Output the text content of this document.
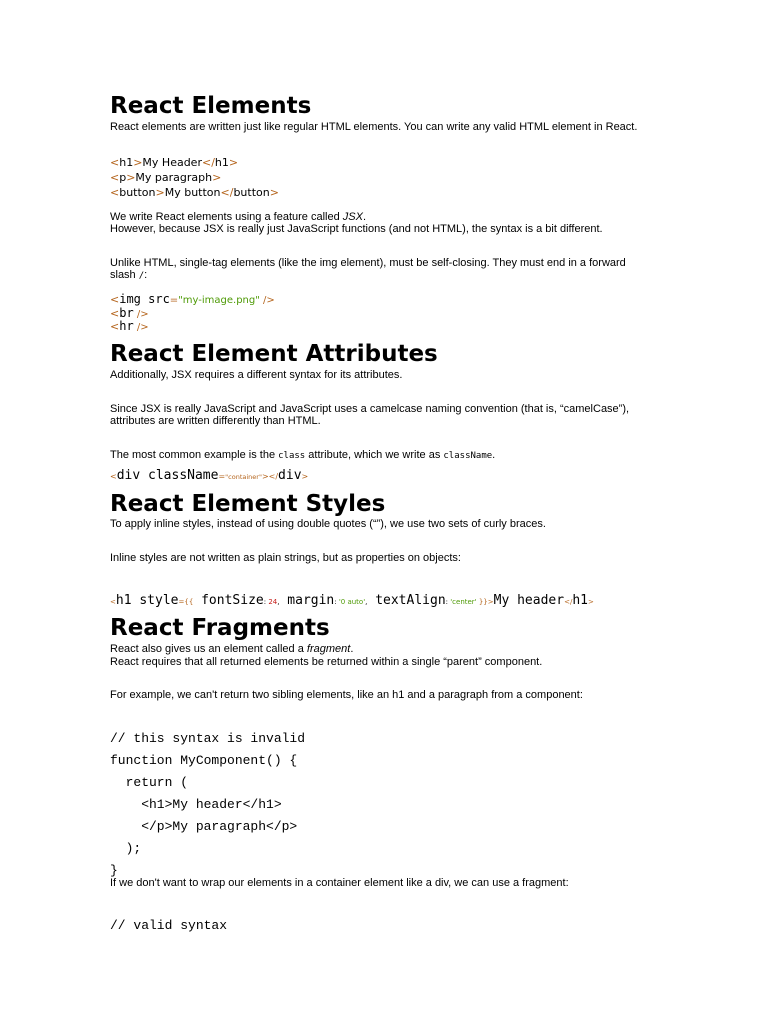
React Elements
React elements are written just like regular HTML elements. You can write any valid HTML element in React.
<h1>My Header</h1>
<p>My paragraph>
<button>My button</button>
We write React elements using a feature called JSX.
However, because JSX is really just JavaScript functions (and not HTML), the syntax is a bit different.
Unlike HTML, single-tag elements (like the img element), must be self-closing. They must end in a forward
slash /:
<img src="my-image.png" />
<br />
<hr />
React Element Attributes
Additionally, JSX requires a different syntax for its attributes.
Since JSX is really JavaScript and JavaScript uses a camelcase naming convention (that is, “camelCase”),
attributes are written differently than HTML.
The most common example is the class attribute, which we write as className.
<div className="container"></div>
React Element Styles
To apply inline styles, instead of using double quotes (“”), we use two sets of curly braces.
Inline styles are not written as plain strings, but as properties on objects:
<h1 style={{ fontSize: 24, margin: '0 auto', textAlign: 'center' }}>My header</h1>
React Fragments
React also gives us an element called a fragment.
React requires that all returned elements be returned within a single “parent” component.
For example, we can't return two sibling elements, like an h1 and a paragraph from a component:
// this syntax is invalid
function MyComponent() {
return (
<h1>My header</h1>
</p>My paragraph</p>
);
}
If we don't want to wrap our elements in a container element like a div, we can use a fragment:
// valid syntax
